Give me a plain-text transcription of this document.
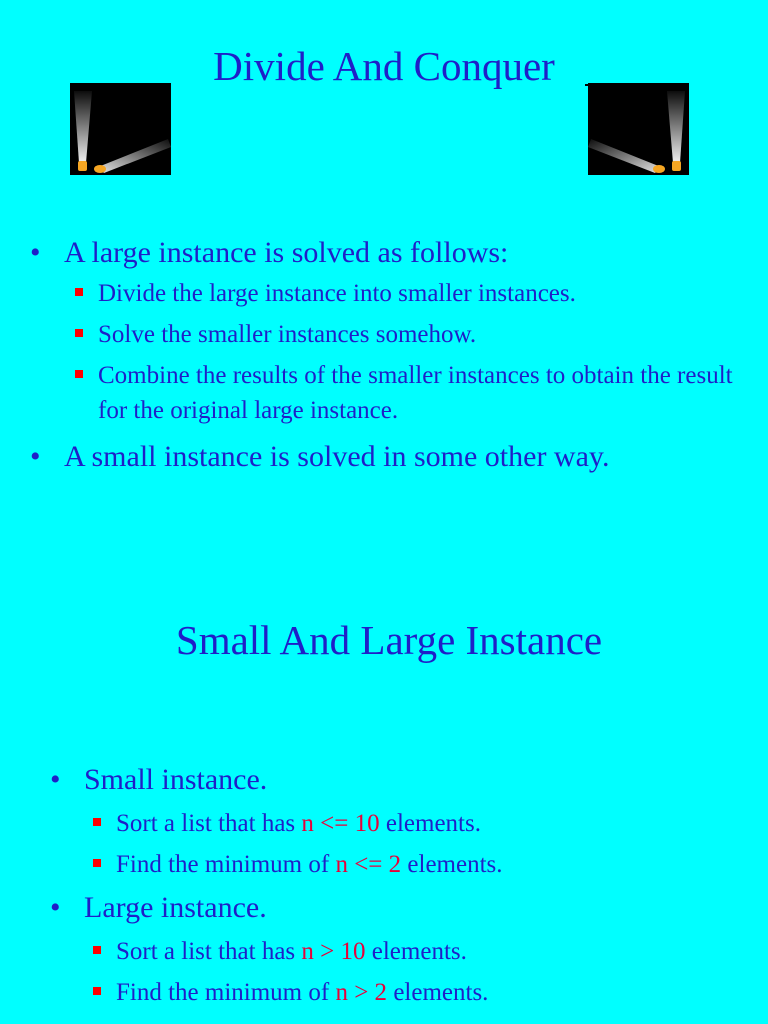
Divide And Conquer
• A large instance is solved as follows:
Divide the large instance into smaller instances.
Solve the smaller instances somehow.
Combine the results of the smaller instances to obtain the result for the original large instance.
• A small instance is solved in some other way.
Small And Large Instance
• Small instance.
Sort a list that has n <= 10 elements.
Find the minimum of n <= 2 elements.
• Large instance.
Sort a list that has n > 10 elements.
Find the minimum of n > 2 elements.
